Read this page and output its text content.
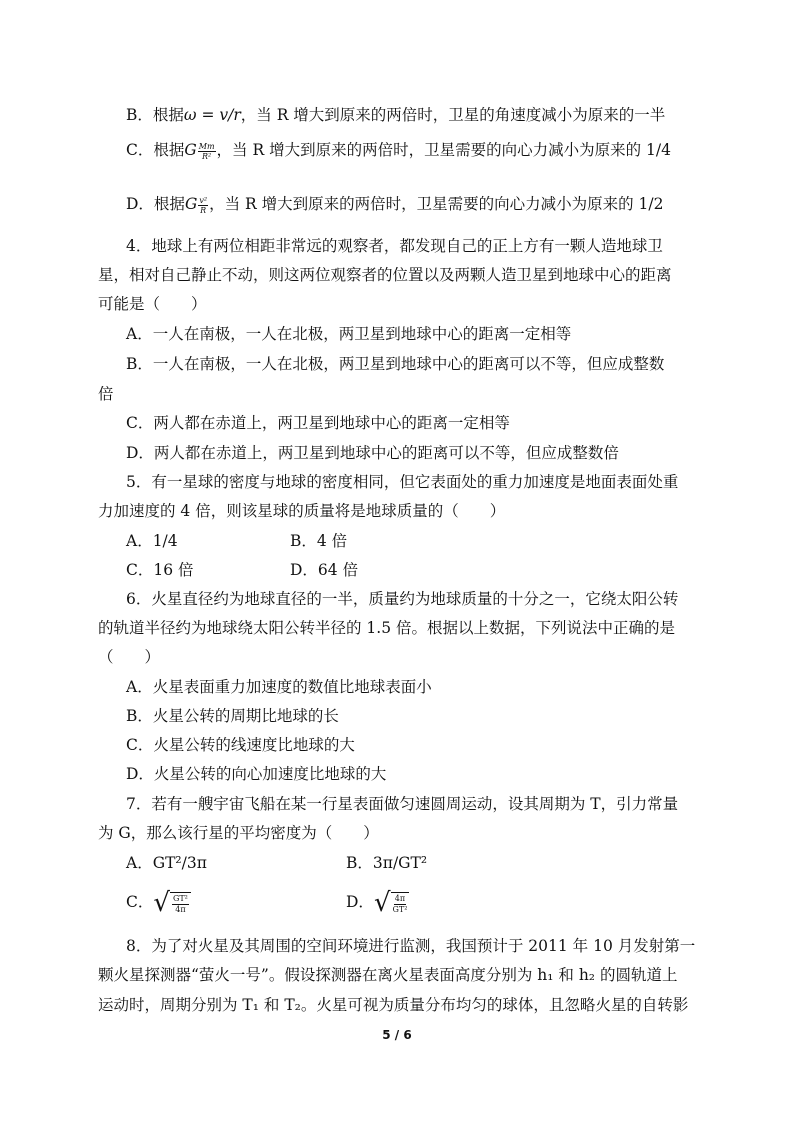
B．根据ω = v/r，当 R 增大到原来的两倍时，卫星的角速度减小为原来的一半
C．根据G $\frac{Mm}{\text{R²}}$ ，当 R 增大到原来的两倍时，卫星需要的向心力减小为原来的 1/4
D．根据G $\frac{\text{v²}}{R}$ ，当 R 增大到原来的两倍时，卫星需要的向心力减小为原来的 1/2
4．地球上有两位相距非常远的观察者，都发现自己的正上方有一颗人造地球卫
星，相对自己静止不动，则这两位观察者的位置以及两颗人造卫星到地球中心的距离
可能是（　　）
A．一人在南极，一人在北极，两卫星到地球中心的距离一定相等
B．一人在南极，一人在北极，两卫星到地球中心的距离可以不等，但应成整数
倍
C．两人都在赤道上，两卫星到地球中心的距离一定相等
D．两人都在赤道上，两卫星到地球中心的距离可以不等，但应成整数倍
5．有一星球的密度与地球的密度相同，但它表面处的重力加速度是地面表面处重
力加速度的 4 倍，则该星球的质量将是地球质量的（　　）
A．1/4	B．4 倍
C．16 倍	D．64 倍
6．火星直径约为地球直径的一半，质量约为地球质量的十分之一，它绕太阳公转
的轨道半径约为地球绕太阳公转半径的 1.5 倍。根据以上数据，下列说法中正确的是
（　　）
A．火星表面重力加速度的数值比地球表面小
B．火星公转的周期比地球的长
C．火星公转的线速度比地球的大
D．火星公转的向心加速度比地球的大
7．若有一艘宇宙飞船在某一行星表面做匀速圆周运动，设其周期为 T，引力常量
为 G，那么该行星的平均密度为（　　）
A．GT²/3π	B．3π/GT²
C． √ GT²
4π	D． √ 4π
GT²
8．为了对火星及其周围的空间环境进行监测，我国预计于 2011 年 10 月发射第一
颗火星探测器“萤火一号”。假设探测器在离火星表面高度分别为 h₁ 和 h₂ 的圆轨道上
运动时，周期分别为 T₁ 和 T₂。火星可视为质量分布均匀的球体，且忽略火星的自转影
5 / 6
